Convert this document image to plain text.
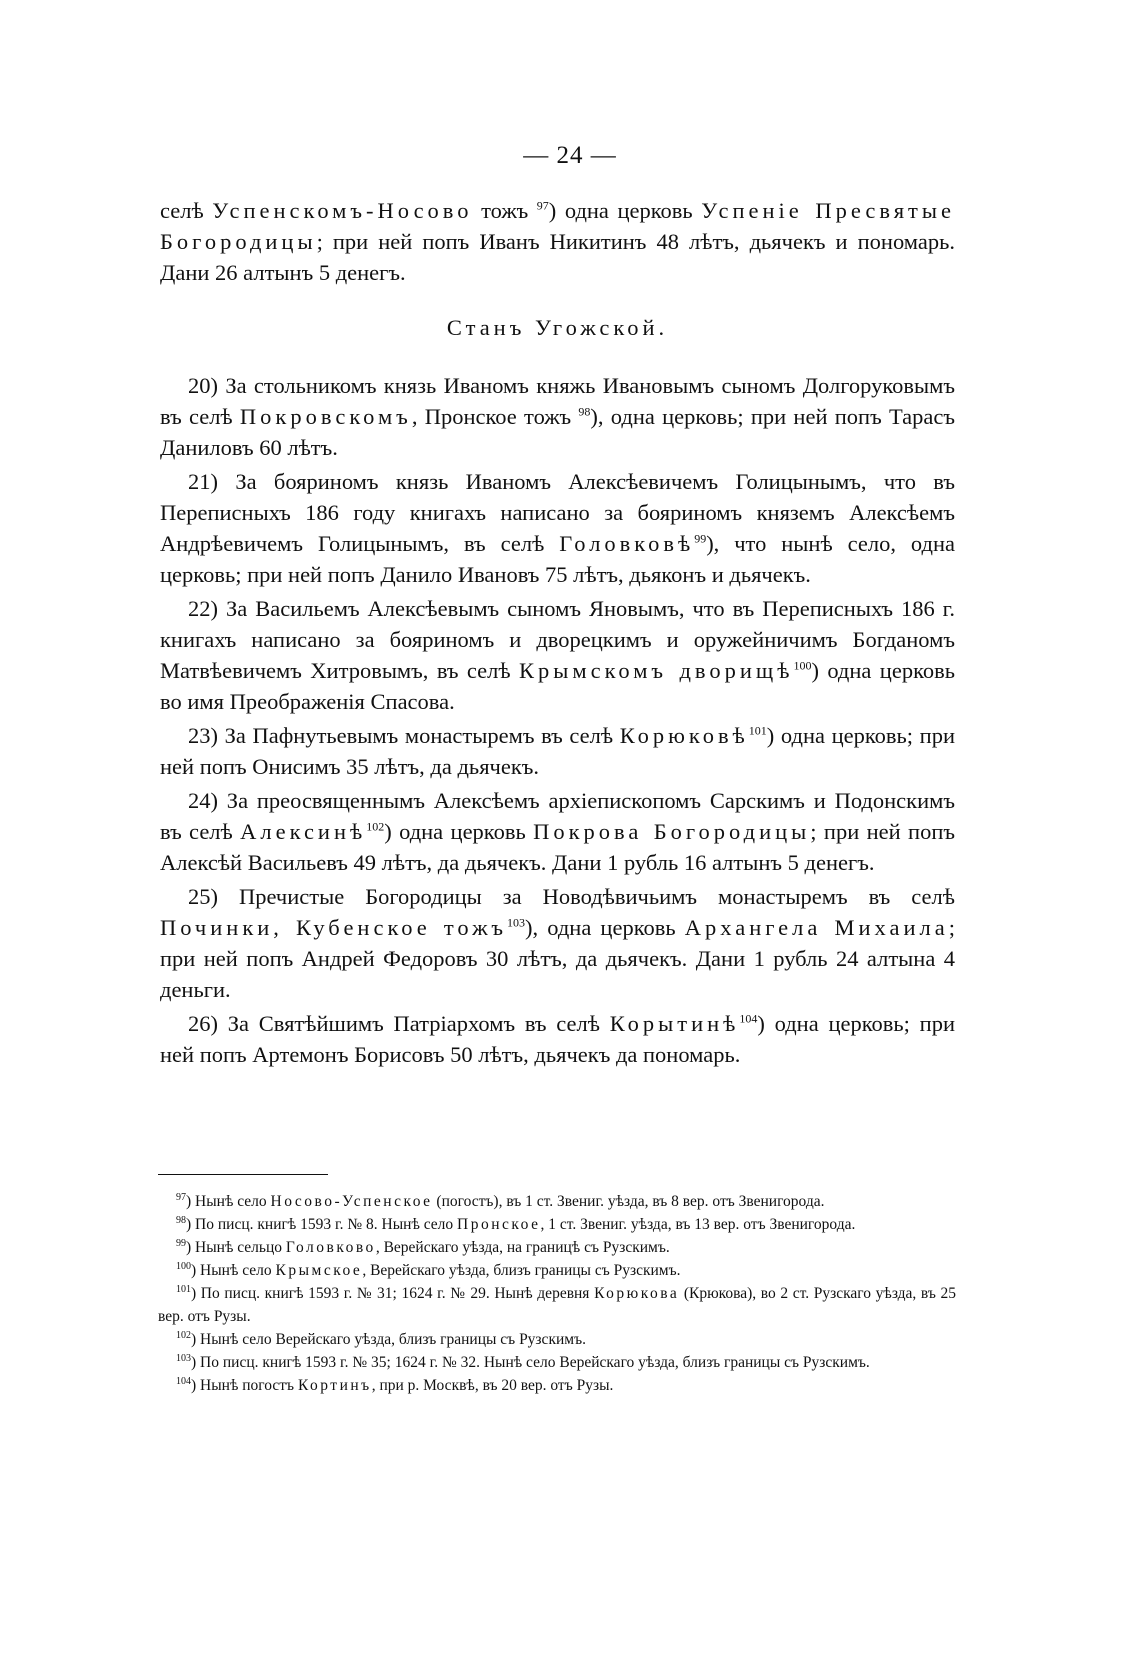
— 24 —

селѣ Успенскомъ-Носово тожъ $^{97}$) одна церковь Успеніе Пресвятые Богородицы; при ней попъ Иванъ Никитинъ 48 лѣтъ, дьячекъ и пономарь. Дани 26 алтынъ 5 денегъ.

Станъ Угожской.

20) За стольникомъ князь Иваномъ княжь Ивановымъ сыномъ Долгоруковымъ въ селѣ Покровскомъ, Пронское тожъ $^{98}$), одна церковь; при ней попъ Тарасъ Даниловъ 60 лѣтъ.

21) За бояриномъ князь Иваномъ Алексѣевичемъ Голицынымъ, что въ Переписныхъ 186 году книгахъ написано за бояриномъ княземъ Алексѣемъ Андрѣевичемъ Голицынымъ, въ селѣ Головковѣ$^{99}$), что нынѣ село, одна церковь; при ней попъ Данило Ивановъ 75 лѣтъ, дьяконъ и дьячекъ.

22) За Васильемъ Алексѣевымъ сыномъ Яновымъ, что въ Переписныхъ 186 г. книгахъ написано за бояриномъ и дворецкимъ и оружейничимъ Богданомъ Матвѣевичемъ Хитровымъ, въ селѣ Крымскомъ дворищѣ$^{100}$) одна церковь во имя Преображенія Спасова.

23) За Пафнутьевымъ монастыремъ въ селѣ Корюковѣ$^{101}$) одна церковь; при ней попъ Онисимъ 35 лѣтъ, да дьячекъ.

24) За преосвященнымъ Алексѣемъ архіепископомъ Сарскимъ и Подонскимъ въ селѣ Алексинѣ$^{102}$) одна церковь Покрова Богородицы; при ней попъ Алексѣй Васильевъ 49 лѣтъ, да дьячекъ. Дани 1 рубль 16 алтынъ 5 денегъ.

25) Пречистые Богородицы за Новодѣвичьимъ монастыремъ въ селѣ Починки, Кубенское тожъ$^{103}$), одна церковь Архангела Михаила; при ней попъ Андрей Федоровъ 30 лѣтъ, да дьячекъ. Дани 1 рубль 24 алтына 4 деньги.

26) За Святѣйшимъ Патріархомъ въ селѣ Корытинѣ$^{104}$) одна церковь; при ней попъ Артемонъ Борисовъ 50 лѣтъ, дьячекъ да пономарь.

$^{97}$) Нынѣ село Носово-Успенское (погостъ), въ 1 ст. Звениг. уѣзда, въ 8 вер. отъ Звенигорода.

$^{98}$) По писц. книгѣ 1593 г. № 8. Нынѣ село Пронское, 1 ст. Звениг. уѣзда, въ 13 вер. отъ Звенигорода.

$^{99}$) Нынѣ сельцо Головково, Верейскаго уѣзда, на границѣ съ Рузскимъ.

$^{100}$) Нынѣ село Крымское, Верейскаго уѣзда, близъ границы съ Рузскимъ.

$^{101}$) По писц. книгѣ 1593 г. № 31; 1624 г. № 29. Нынѣ деревня Корюкова (Крюкова), во 2 ст. Рузскаго уѣзда, въ 25 вер. отъ Рузы.

$^{102}$) Нынѣ село Верейскаго уѣзда, близъ границы съ Рузскимъ.

$^{103}$) По писц. книгѣ 1593 г. № 35; 1624 г. № 32. Нынѣ село Верейскаго уѣзда, близъ границы съ Рузскимъ.

$^{104}$) Нынѣ погостъ Кортинъ, при р. Москвѣ, въ 20 вер. отъ Рузы.
